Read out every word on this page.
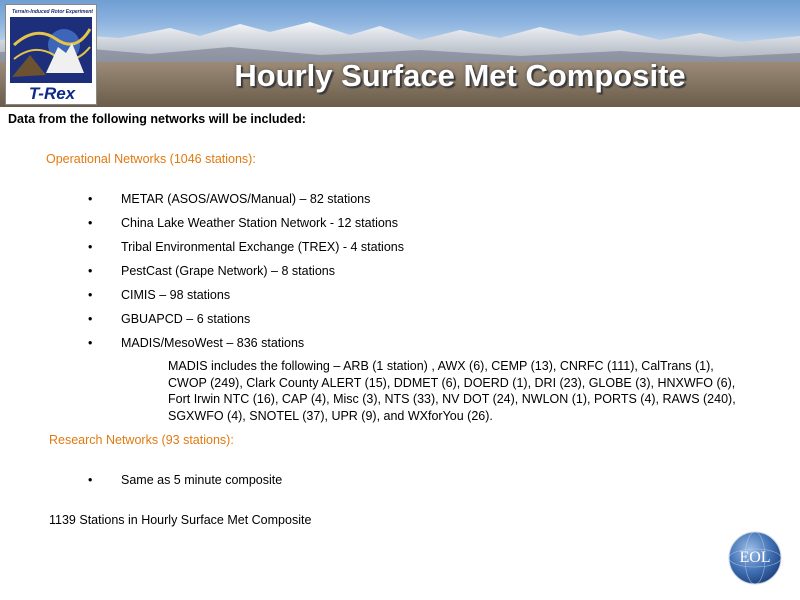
Terrain-Induced Rotor Experiment
T-Rex
Hourly Surface Met Composite
Data from the following networks will be included:
Operational Networks (1046 stations):
• METAR (ASOS/AWOS/Manual) – 82 stations
• China Lake Weather Station Network - 12 stations
• Tribal Environmental Exchange (TREX) - 4 stations
• PestCast (Grape Network) – 8 stations
• CIMIS – 98 stations
• GBUAPCD – 6 stations
• MADIS/MesoWest – 836 stations
MADIS includes the following – ARB (1 station) , AWX (6), CEMP (13), CNRFC (111), CalTrans (1),
CWOP (249), Clark County ALERT (15), DDMET (6), DOERD (1), DRI (23), GLOBE (3), HNXWFO (6),
Fort Irwin NTC (16), CAP (4), Misc (3), NTS (33), NV DOT (24), NWLON (1), PORTS (4), RAWS (240),
SGXWFO (4), SNOTEL (37), UPR (9), and WXforYou (26).
Research Networks (93 stations):
• Same as 5 minute composite
1139 Stations in Hourly Surface Met Composite
EOL
